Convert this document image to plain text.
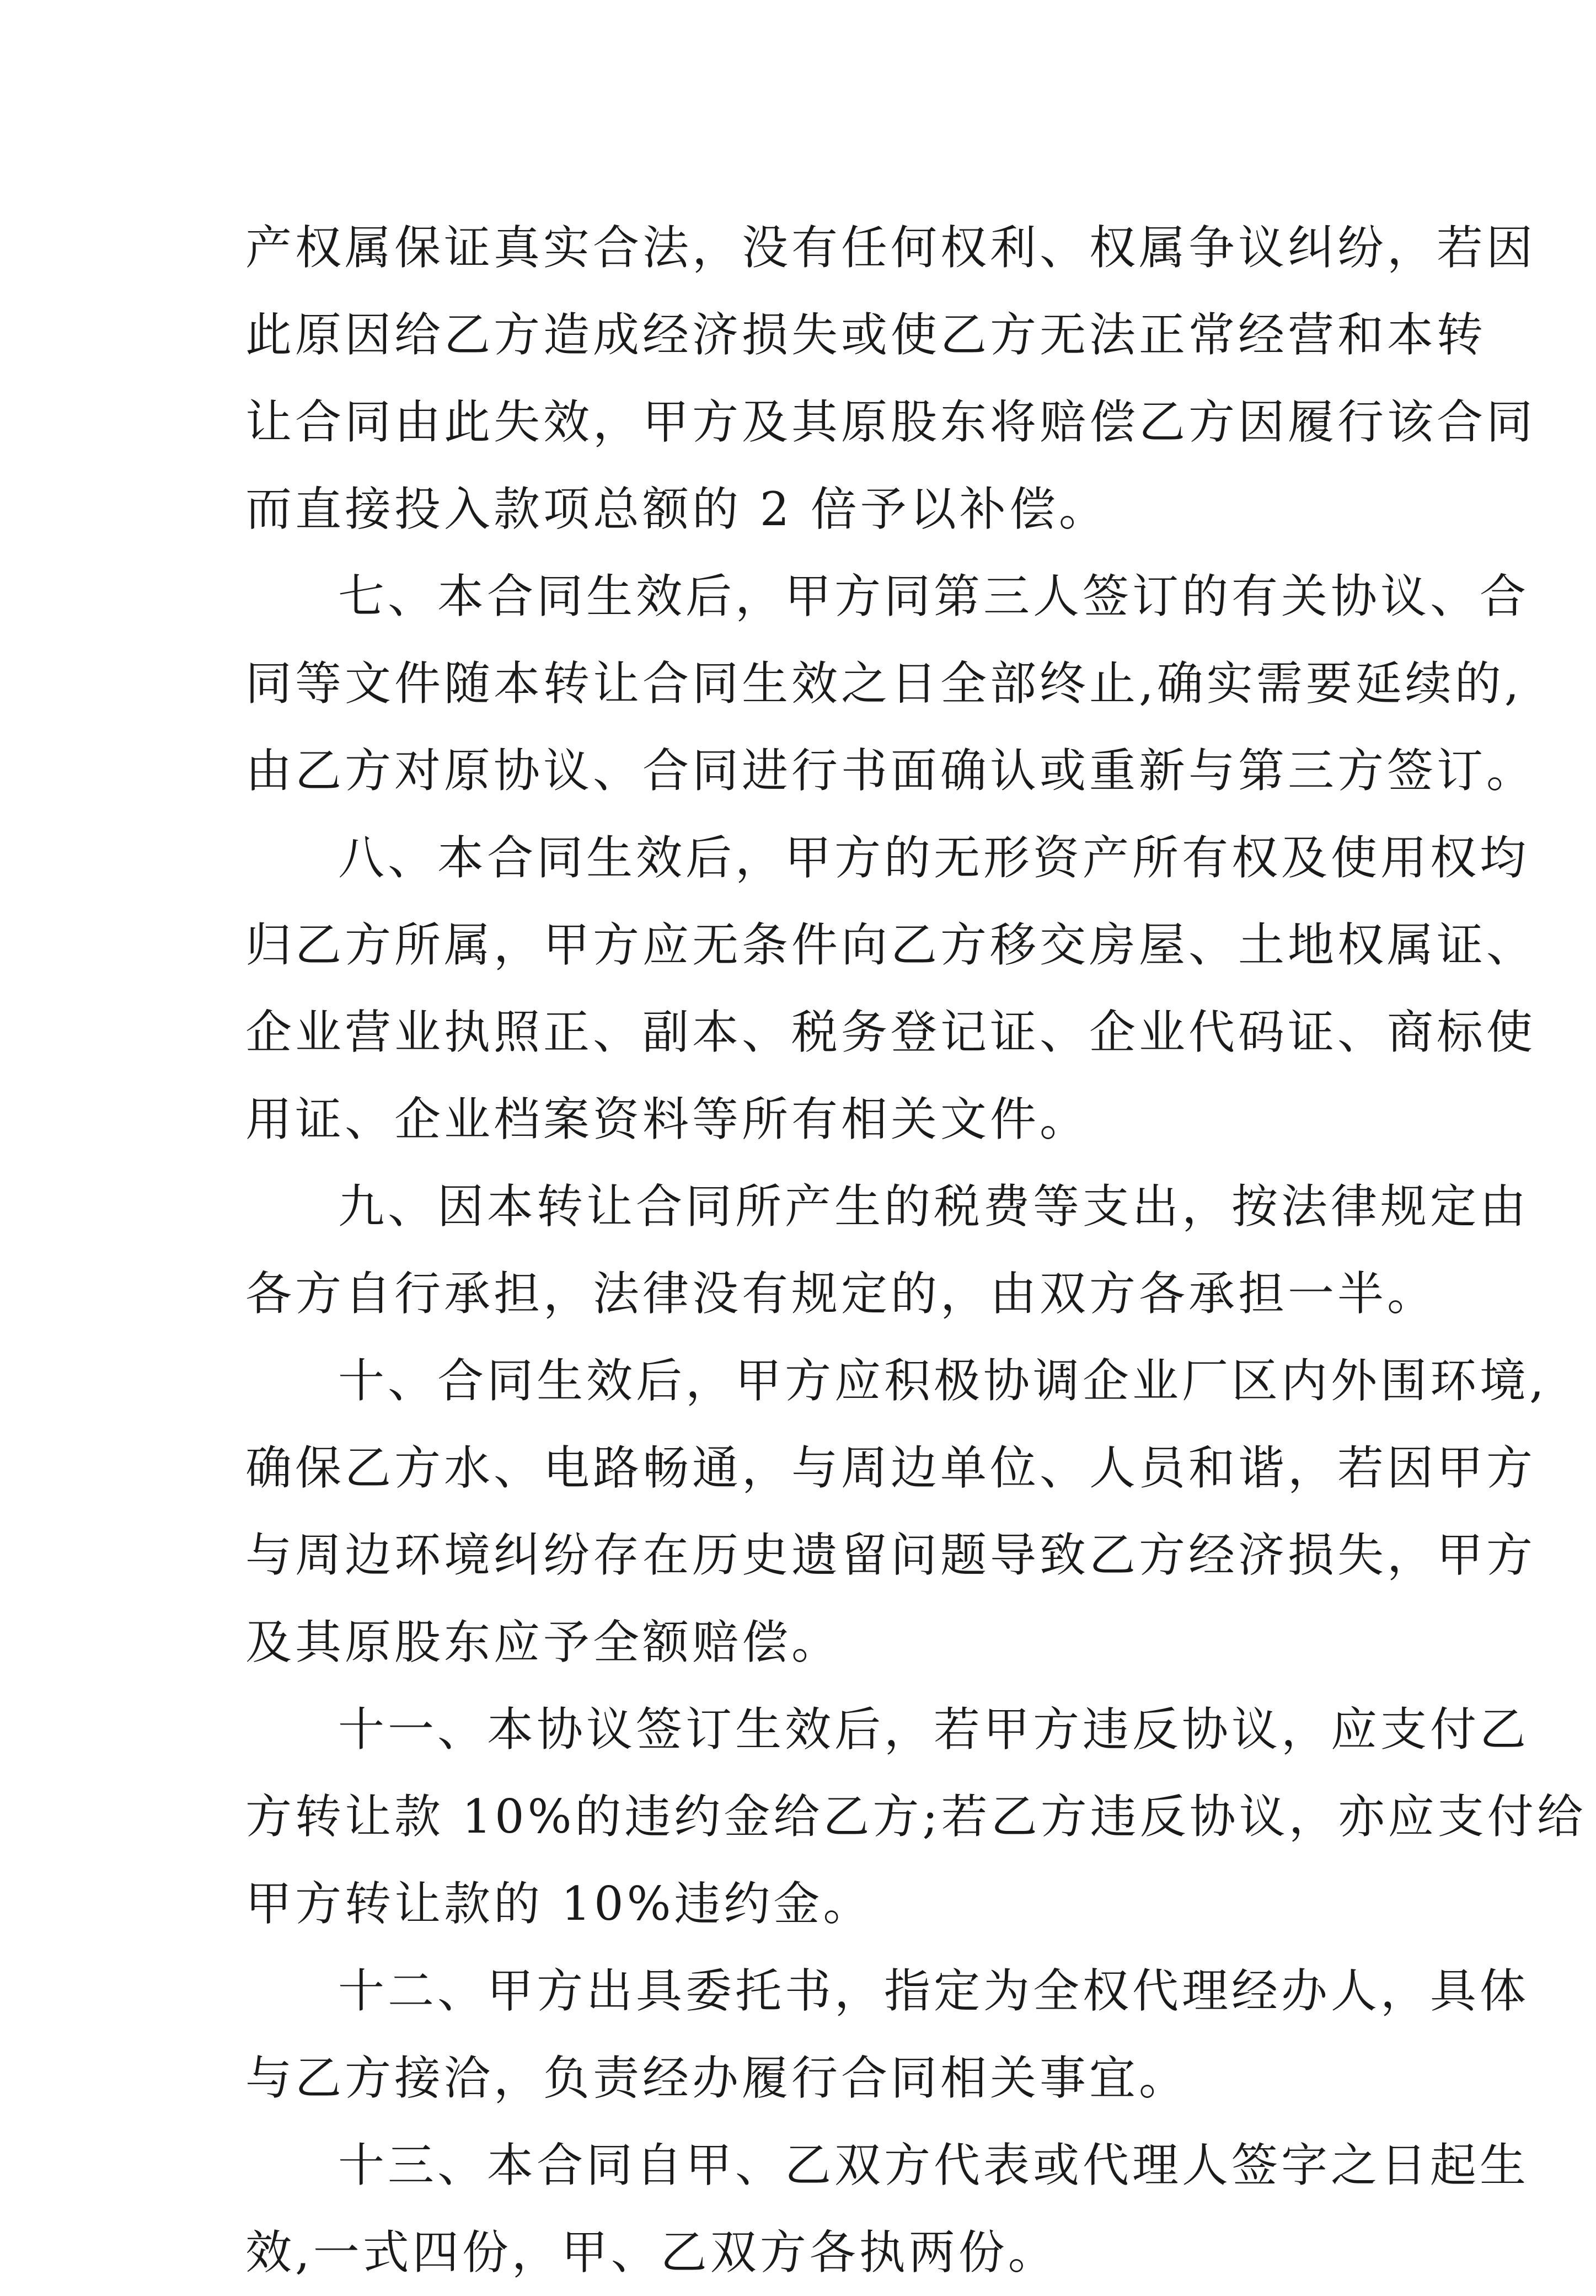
产权属保证真实合法，没有任何权利、权属争议纠纷，若因
此原因给乙方造成经济损失或使乙方无法正常经营和本转
让合同由此失效，甲方及其原股东将赔偿乙方因履行该合同
而直接投入款项总额的 2 倍予以补偿。

七、本合同生效后，甲方同第三人签订的有关协议、合
同等文件随本转让合同生效之日全部终止,确实需要延续的,
由乙方对原协议、合同进行书面确认或重新与第三方签订。

八、本合同生效后，甲方的无形资产所有权及使用权均
归乙方所属，甲方应无条件向乙方移交房屋、土地权属证、
企业营业执照正、副本、税务登记证、企业代码证、商标使
用证、企业档案资料等所有相关文件。

九、因本转让合同所产生的税费等支出，按法律规定由
各方自行承担，法律没有规定的，由双方各承担一半。

十、合同生效后，甲方应积极协调企业厂区内外围环境,
确保乙方水、电路畅通，与周边单位、人员和谐，若因甲方
与周边环境纠纷存在历史遗留问题导致乙方经济损失，甲方
及其原股东应予全额赔偿。

十一、本协议签订生效后，若甲方违反协议，应支付乙
方转让款 10%的违约金给乙方;若乙方违反协议，亦应支付给
甲方转让款的 10%违约金。

十二、甲方出具委托书，指定为全权代理经办人，具体
与乙方接洽，负责经办履行合同相关事宜。

十三、本合同自甲、乙双方代表或代理人签字之日起生
效,一式四份，甲、乙双方各执两份。
